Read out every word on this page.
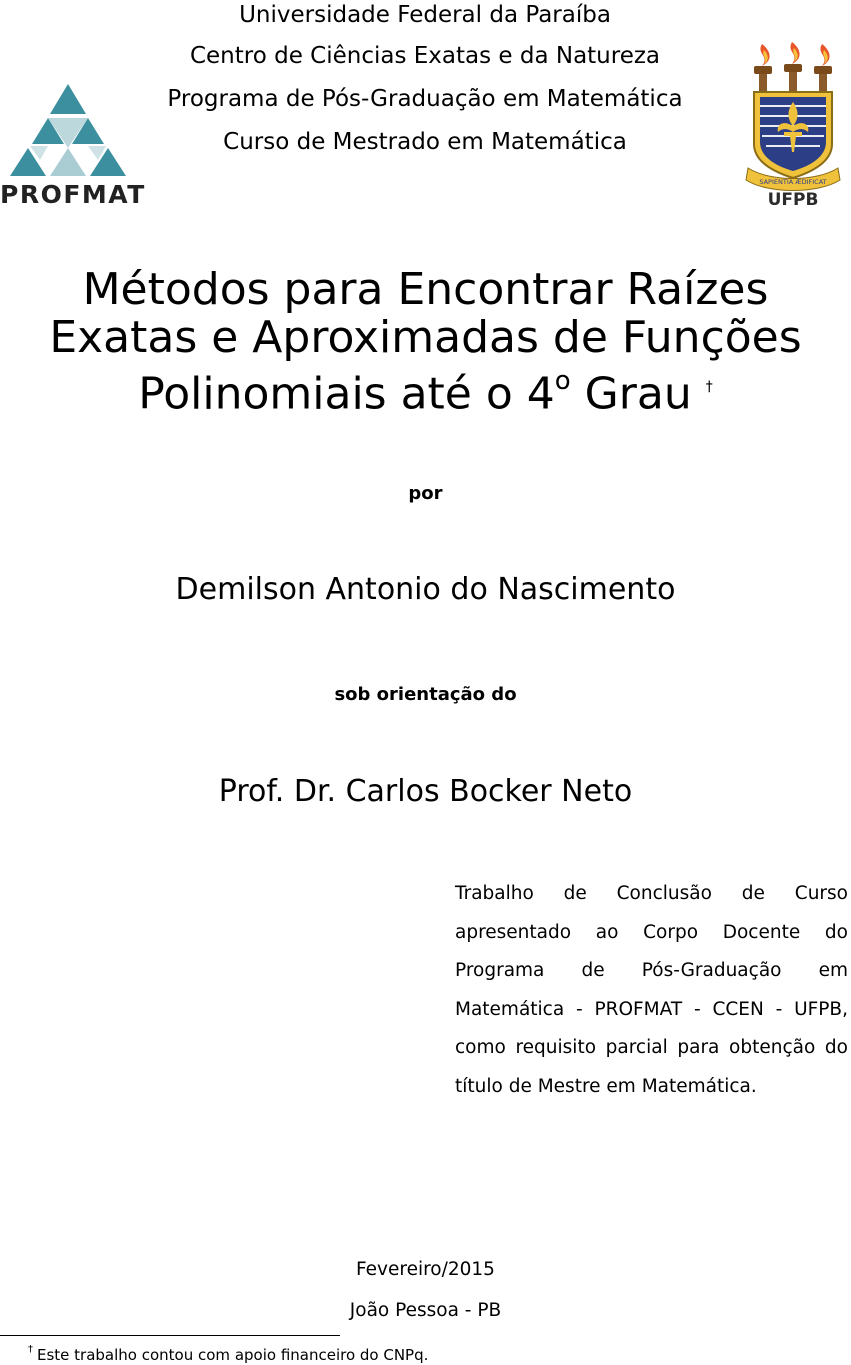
Universidade Federal da Paraíba
Centro de Ciências Exatas e da Natureza
Programa de Pós-Graduação em Matemática
Curso de Mestrado em Matemática
PROFMAT	SAPIENTIA ÆDIFICAT
UFPB
Métodos para Encontrar Raízes
Exatas e Aproximadas de Funções
Polinomiais até o 4$^o$ Grau †
por
Demilson Antonio do Nascimento
sob orientação do
Prof. Dr. Carlos Bocker Neto
Trabalho de Conclusão de Curso apresentado ao Corpo Docente do Programa de Pós-Graduação em Matemática - PROFMAT - CCEN - UFPB, como requisito parcial para obtenção do título de Mestre em Matemática.
Fevereiro/2015
João Pessoa - PB
† Este trabalho contou com apoio financeiro do CNPq.
